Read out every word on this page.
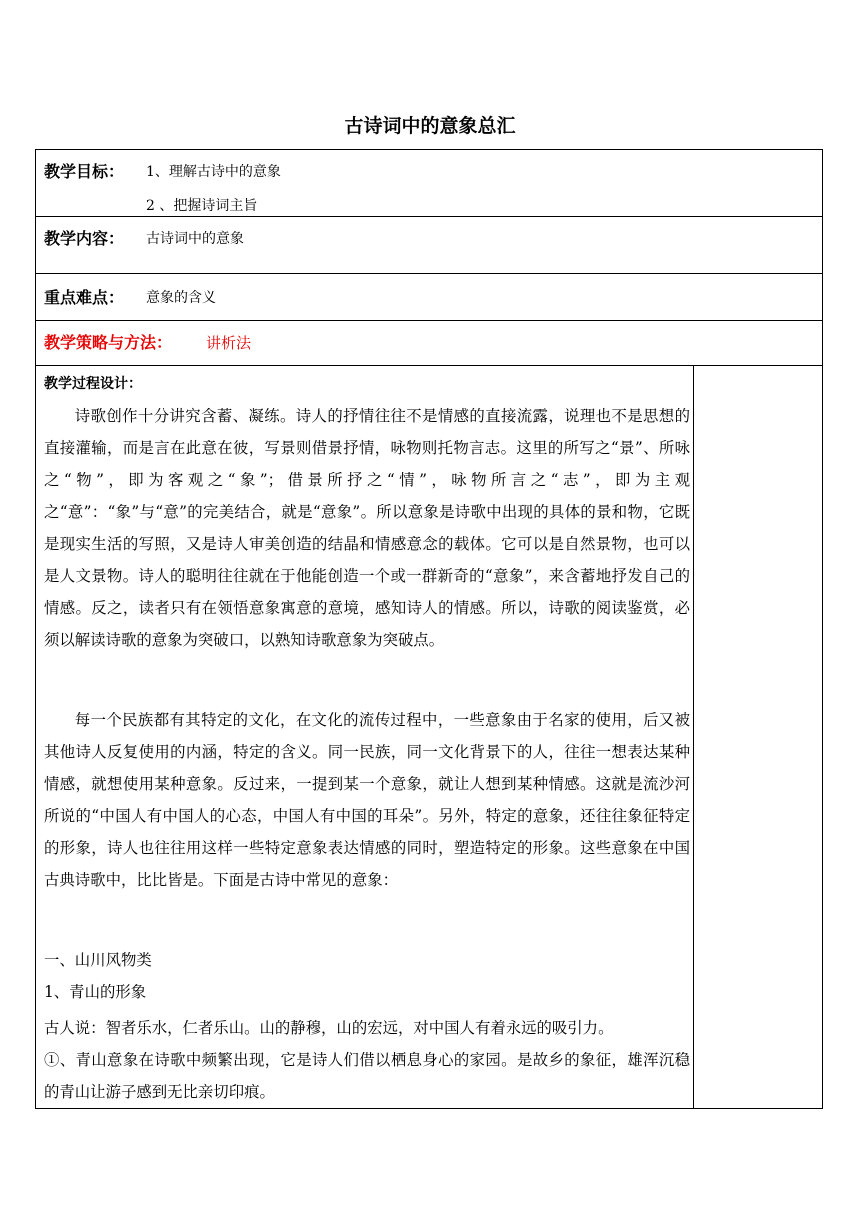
古诗词中的意象总汇
教学目标： 1、理解古诗中的意象
2 、把握诗词主旨
教学内容： 古诗词中的意象
重点难点： 意象的含义
教学策略与方法： 讲析法
教学过程设计：

诗歌创作十分讲究含蓄、凝练。诗人的抒情往往不是情感的直接流露，说理也不是思想的直接灌输，而是言在此意在彼，写景则借景抒情，咏物则托物言志。这里的所写之“景”、所咏之“物”，即为客观之“象”；借景所抒之“情”，咏物所言之“志”，即为主观之“意”：“象”与“意”的完美结合，就是“意象”。所以意象是诗歌中出现的具体的景和物，它既是现实生活的写照，又是诗人审美创造的结晶和情感意念的载体。它可以是自然景物，也可以是人文景物。诗人的聪明往往就在于他能创造一个或一群新奇的“意象”，来含蓄地抒发自己的情感。反之，读者只有在领悟意象寓意的意境，感知诗人的情感。所以，诗歌的阅读鉴赏，必须以解读诗歌的意象为突破口，以熟知诗歌意象为突破点。

每一个民族都有其特定的文化，在文化的流传过程中，一些意象由于名家的使用，后又被其他诗人反复使用的内涵，特定的含义。同一民族，同一文化背景下的人，往往一想表达某种情感，就想使用某种意象。反过来，一提到某一个意象，就让人想到某种情感。这就是流沙河所说的“中国人有中国人的心态，中国人有中国的耳朵”。另外，特定的意象，还往往象征特定的形象，诗人也往往用这样一些特定意象表达情感的同时，塑造特定的形象。这些意象在中国古典诗歌中，比比皆是。下面是古诗中常见的意象：

一、山川风物类
1、青山的形象
古人说：智者乐水，仁者乐山。山的静穆，山的宏远，对中国人有着永远的吸引力。

①、青山意象在诗歌中频繁出现，它是诗人们借以栖息身心的家园。是故乡的象征，雄浑沉稳的青山让游子感到无比亲切印痕。
